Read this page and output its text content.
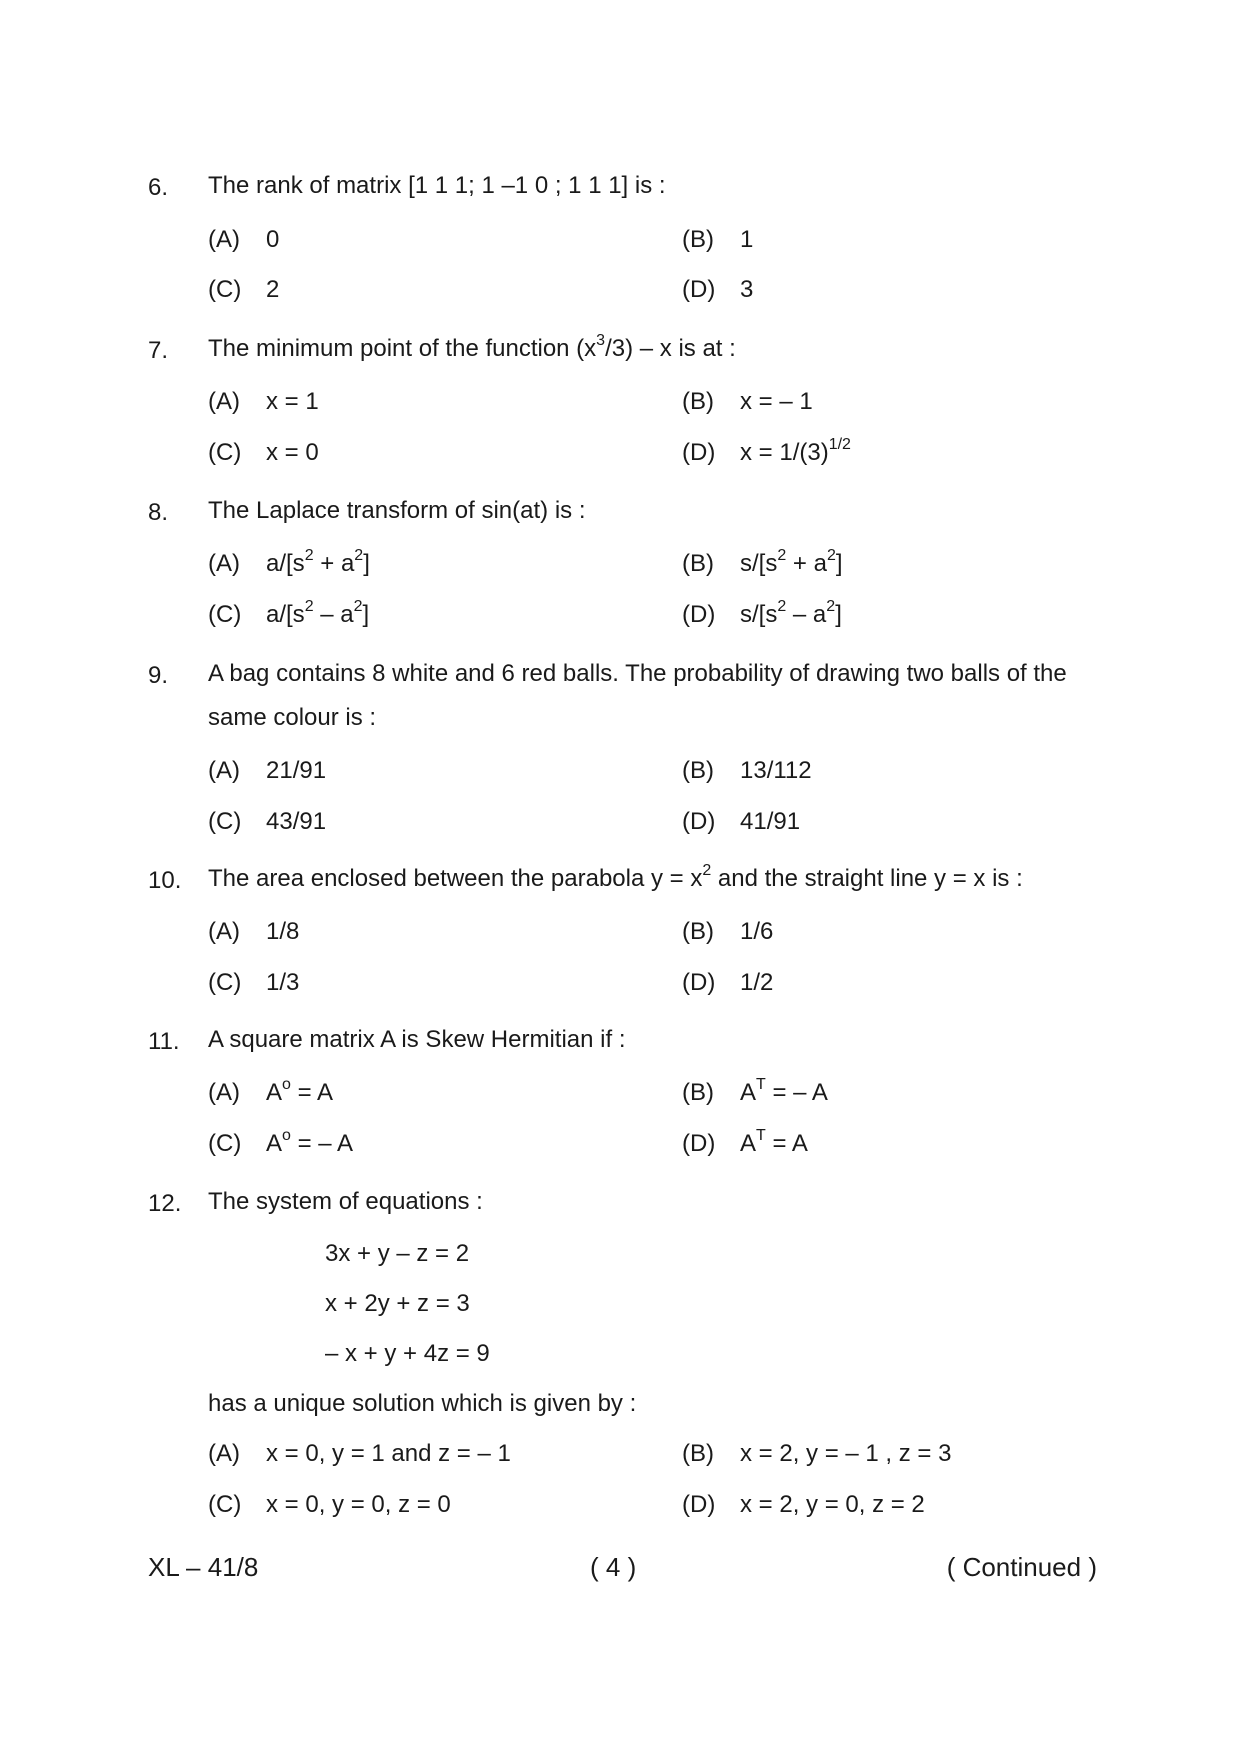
6. The rank of matrix [1 1 1; 1 –1 0 ; 1 1 1] is :
(A) 0	(B) 1
(C) 2	(D) 3
7. The minimum point of the function $(x^3/3)$ – x is at :
(A) x = 1	(B) x = – 1
(C) x = 0	(D) $x = 1/(3)^{1/2}$
8. The Laplace transform of sin(at) is :
(A) $a/[s^2 + a^2]$	(B) $s/[s^2 + a^2]$
(C) $a/[s^2 - a^2]$	(D) $s/[s^2 - a^2]$
9. A bag contains 8 white and 6 red balls. The probability of drawing two balls of the same colour is :
(A) 21/91	(B) 13/112
(C) 43/91	(D) 41/91
10. The area enclosed between the parabola $y = x^2$ and the straight line y = x is :
(A) 1/8	(B) 1/6
(C) 1/3	(D) 1/2
11. A square matrix A is Skew Hermitian if :
(A) $A^o = A$	(B) $A^T$ = – A
(C) $A^o$ = – A	(D) $A^T = A$
12. The system of equations :
3x + y – z = 2
x + 2y + z = 3
– x + y + 4z = 9
has a unique solution which is given by :
(A) x = 0, y = 1 and z = – 1	(B) x = 2, y = – 1 , z = 3
(C) x = 0, y = 0, z = 0	(D) x = 2, y = 0, z = 2
XL – 41/8	( 4 )	( Continued )
